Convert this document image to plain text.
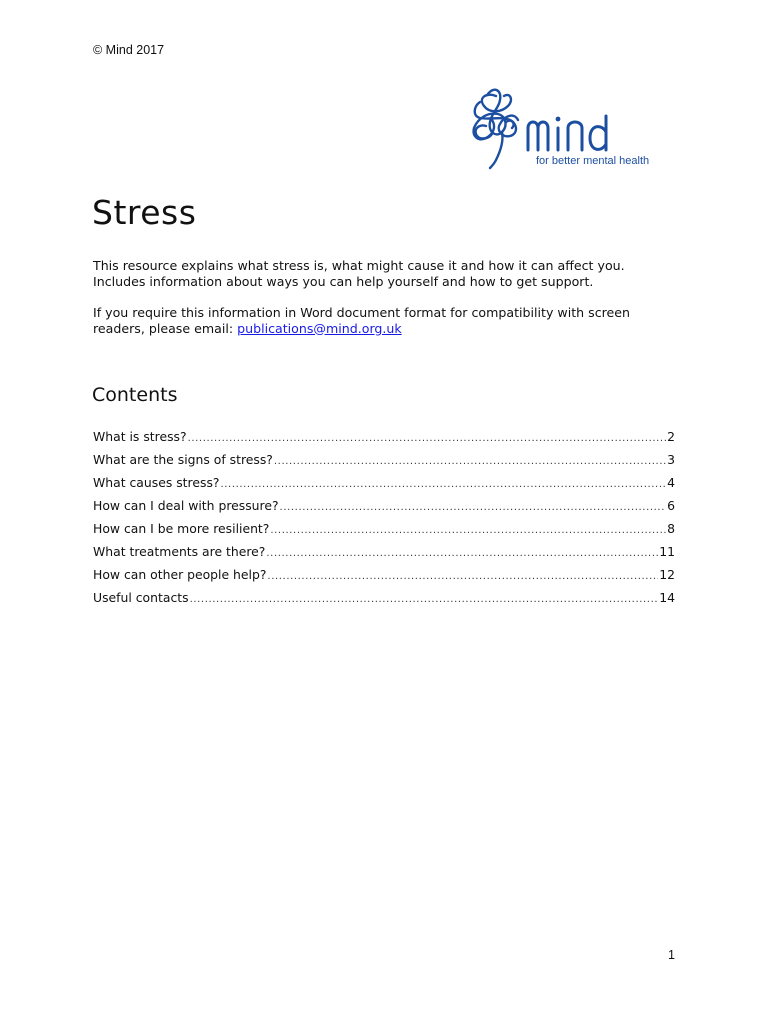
© Mind 2017
for better mental health
Stress

This resource explains what stress is, what might cause it and how it can affect you. Includes information about ways you can help yourself and how to get support.

If you require this information in Word document format for compatibility with screen readers, please email: publications@mind.org.uk

Contents
What is stress? .....	2
What are the signs of stress? .....	3
What causes stress? .....	4
How can I deal with pressure? .....	6
How can I be more resilient? .....	8
What treatments are there? .....	11
How can other people help? .....	12
Useful contacts .....	14
1
